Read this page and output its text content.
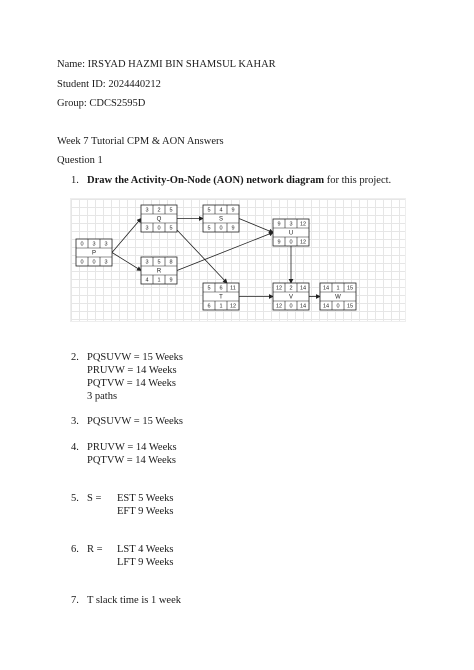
Name: IRSYAD HAZMI BIN SHAMSUL KAHAR
Student ID: 2024440212
Group: CDCS2595D
Week 7 Tutorial CPM & AON Answers
Question 1
1. Draw the Activity-On-Node (AON) network diagram for this project.
0 3 3
P
0 0 3
3 2 5
Q
3 0 5
3 5 8
R
4 1 9
5 4 9
S
5 0 9
9 3 12
U
9 0 12
5 6 11
T
6 1 12
12 2 14
V
12 0 14
14 1 15
W
14 0 15
2. PQSUVW = 15 Weeks
PRUVW = 14 Weeks
PQTVW = 14 Weeks
3 paths
3. PQSUVW = 15 Weeks
4. PRUVW = 14 Weeks
PQTVW = 14 Weeks
5. S = EST 5 Weeks
EFT 9 Weeks
6. R = LST 4 Weeks
LFT 9 Weeks
7. T slack time is 1 week
